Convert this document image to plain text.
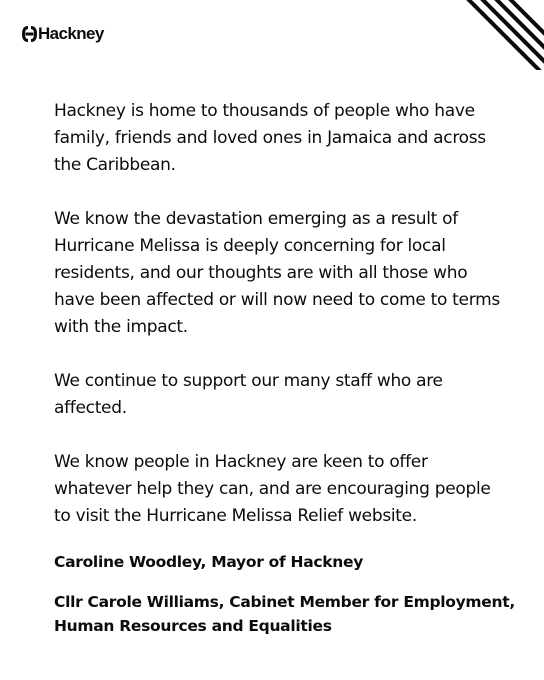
Hackney

Hackney is home to thousands of people who have family, friends and loved ones in Jamaica and across the Caribbean.

We know the devastation emerging as a result of Hurricane Melissa is deeply concerning for local residents, and our thoughts are with all those who have been affected or will now need to come to terms with the impact.

We continue to support our many staff who are affected.

We know people in Hackney are keen to offer whatever help they can, and are encouraging people to visit the Hurricane Melissa Relief website.

Caroline Woodley, Mayor of Hackney
Cllr Carole Williams, Cabinet Member for Employment, Human Resources and Equalities
